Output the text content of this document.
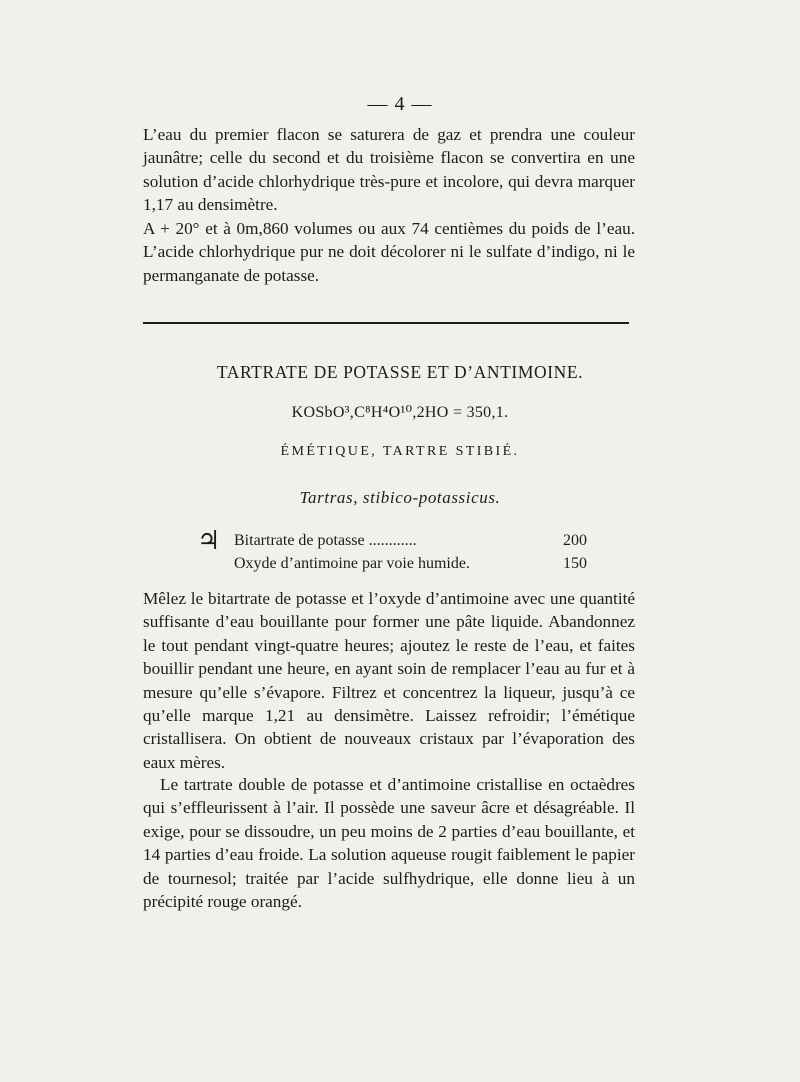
— 4 —

L’eau du premier flacon se saturera de gaz et prendra une couleur jaunâtre; celle du second et du troisième flacon se convertira en une solution d’acide chlorhydrique très-pure et incolore, qui devra marquer 1,17 au densimètre.

A + 20° et à 0m,860 volumes ou aux 74 centièmes du poids de l’eau. L’acide chlorhydrique pur ne doit décolorer ni le sulfate d’indigo, ni le permanganate de potasse.

TARTRATE DE POTASSE ET D’ANTIMOINE.

KOSbO³,C⁸H⁴O¹⁰,2HO = 350,1.

ÉMÉTIQUE, TARTRE STIBIÉ.

Tartras, stibico-potassicus.

♃ Bitartrate de potasse ............	200
Oxyde d’antimoine par voie humide.	150

Mêlez le bitartrate de potasse et l’oxyde d’antimoine avec une quantité suffisante d’eau bouillante pour former une pâte liquide. Abandonnez le tout pendant vingt-quatre heures; ajoutez le reste de l’eau, et faites bouillir pendant une heure, en ayant soin de remplacer l’eau au fur et à mesure qu’elle s’évapore. Filtrez et concentrez la liqueur, jusqu’à ce qu’elle marque 1,21 au densimètre. Laissez refroidir; l’émétique cristallisera. On obtient de nouveaux cristaux par l’évaporation des eaux mères.

Le tartrate double de potasse et d’antimoine cristallise en octaèdres qui s’effleurissent à l’air. Il possède une saveur âcre et désagréable. Il exige, pour se dissoudre, un peu moins de 2 parties d’eau bouillante, et 14 parties d’eau froide. La solution aqueuse rougit faiblement le papier de tournesol; traitée par l’acide sulfhydrique, elle donne lieu à un précipité rouge orangé.
